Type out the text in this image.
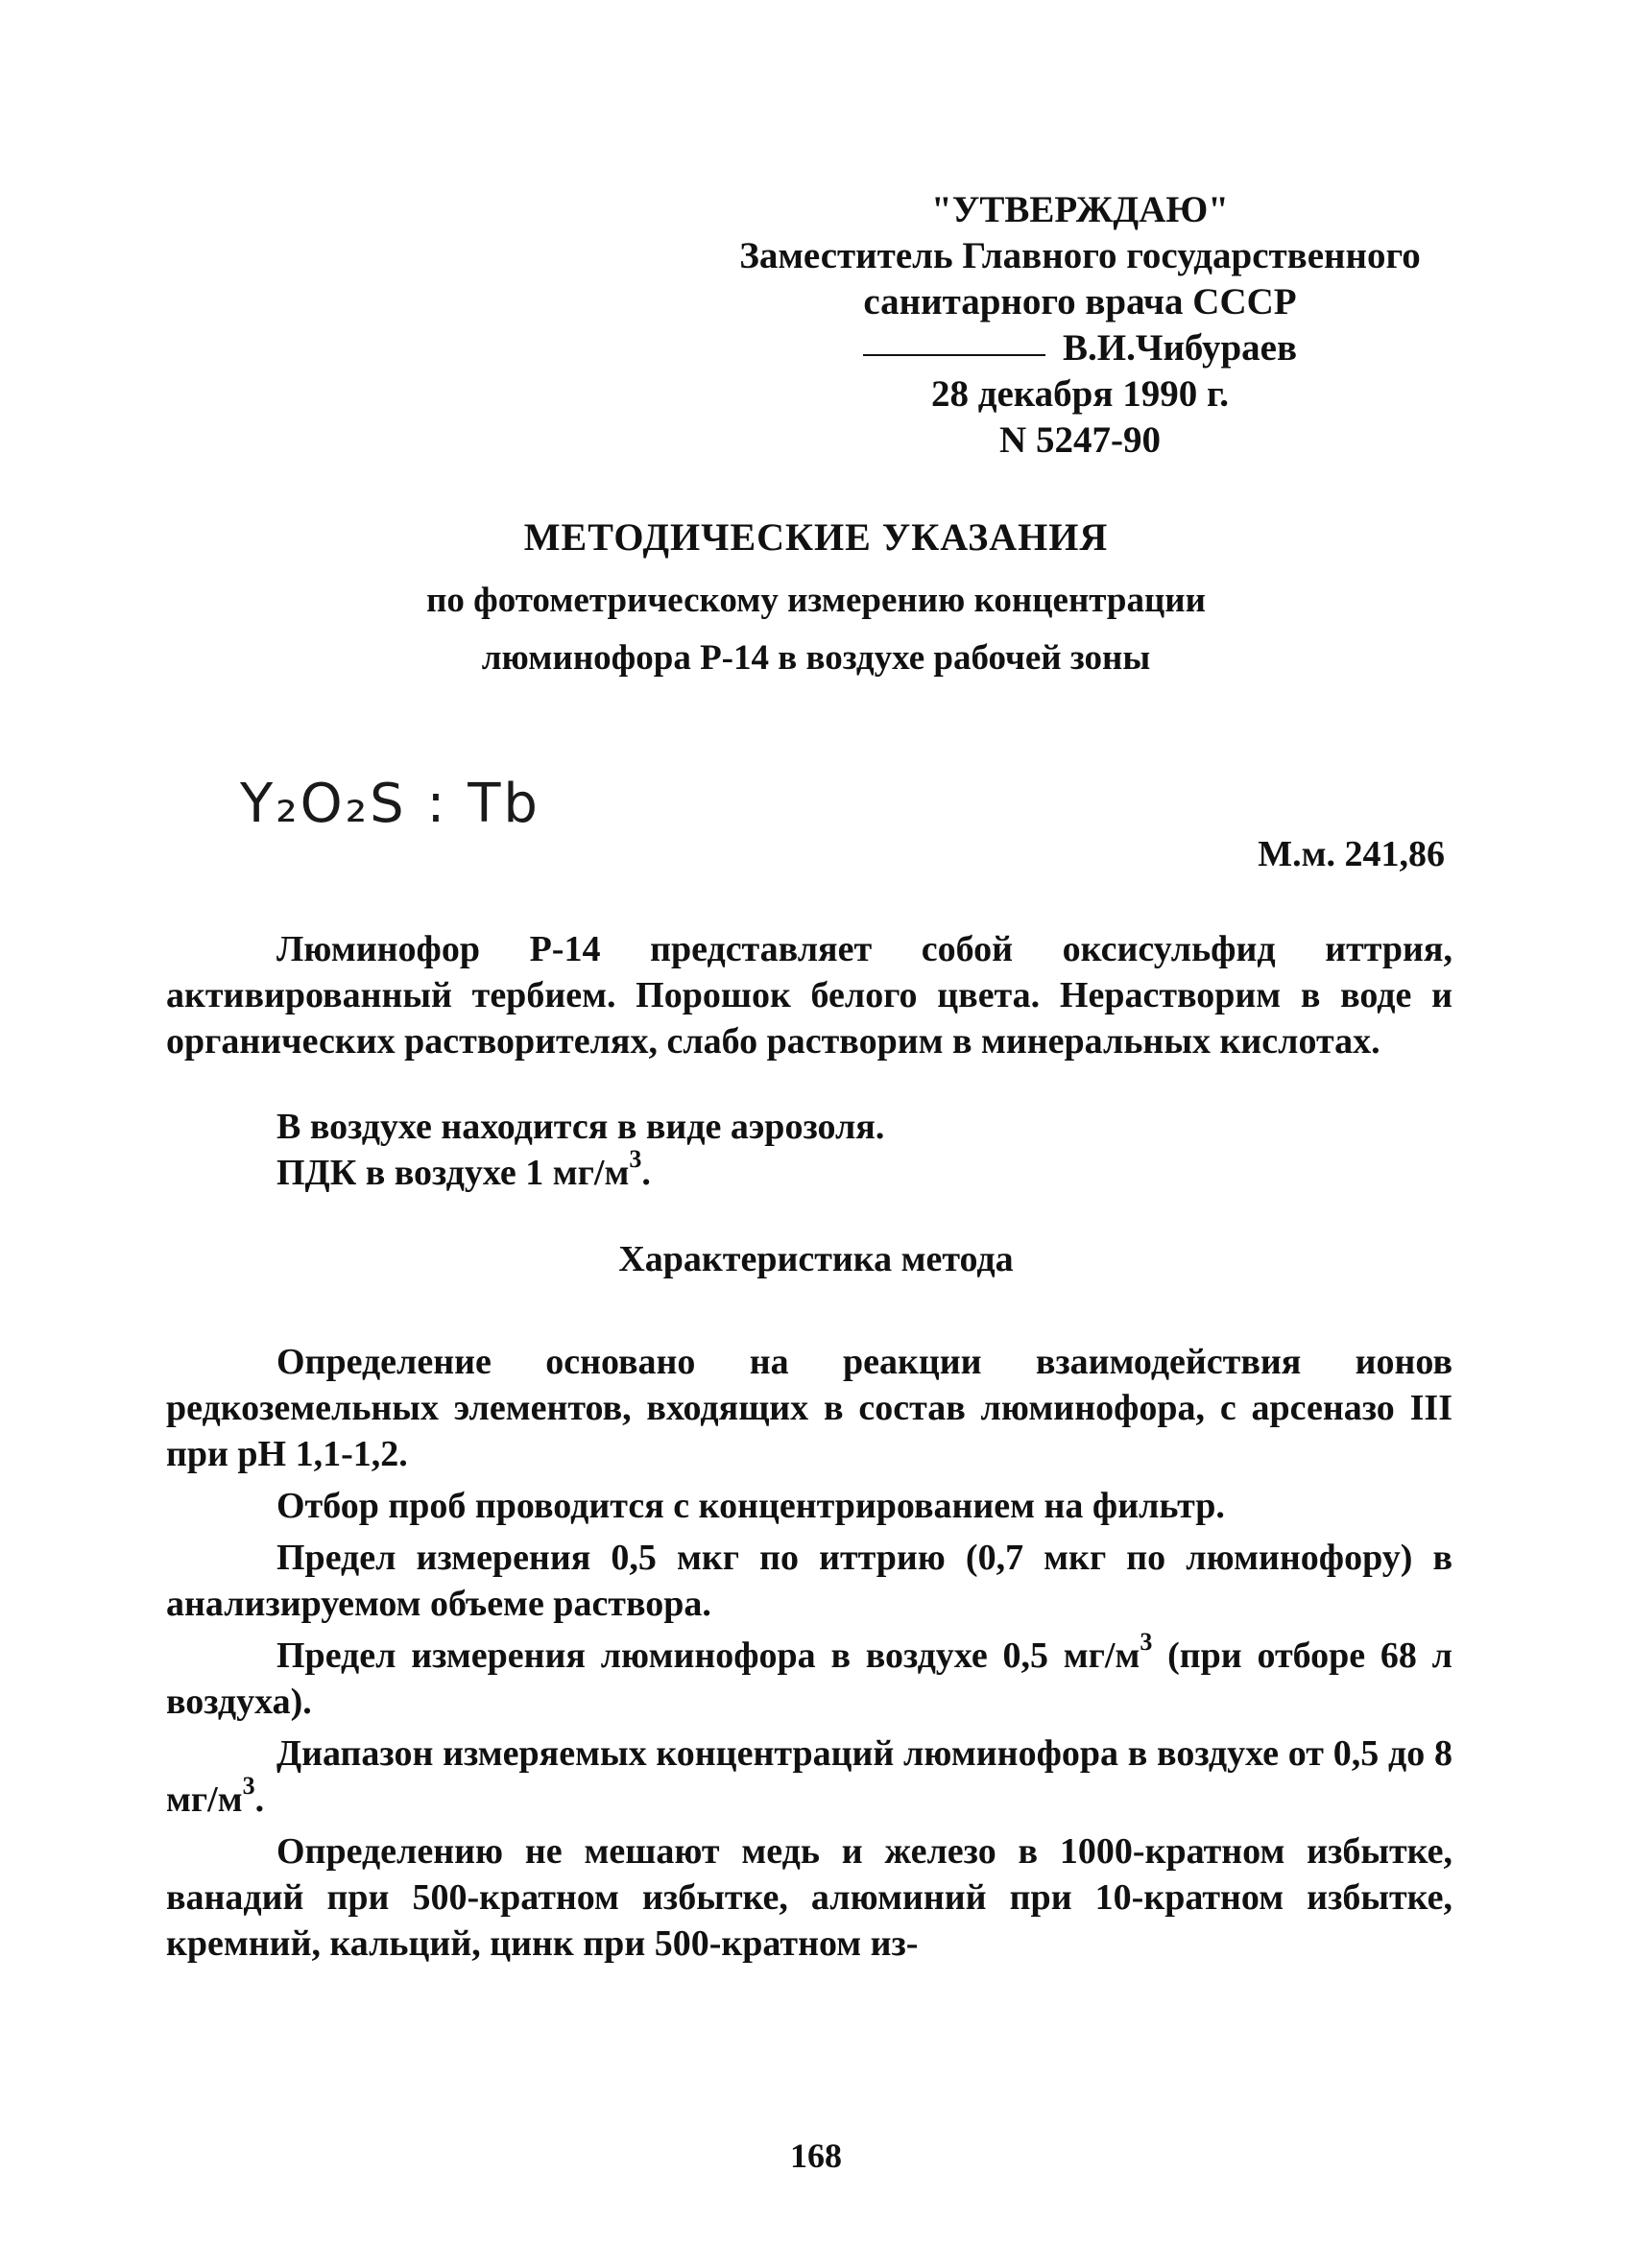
"УТВЕРЖДАЮ"
Заместитель Главного государственного
санитарного врача СССР
В.И.Чибураев
28 декабря 1990 г.
N 5247-90
МЕТОДИЧЕСКИЕ УКАЗАНИЯ
по фотометрическому измерению концентрации
люминофора Р-14 в воздухе рабочей зоны
Y₂O₂S : Tb
М.м. 241,86

Люминофор Р-14 представляет собой оксисульфид иттрия, активированный тербием. Порошок белого цвета. Нерастворим в воде и органических растворителях, слабо растворим в минеральных кислотах.

В воздухе находится в виде аэрозоля.

ПДК в воздухе 1 $мг/м^3$.

Характеристика метода

Определение основано на реакции взаимодействия ионов редкоземельных элементов, входящих в состав люминофора, с арсеназо III при pH 1,1-1,2.

Отбор проб проводится с концентрированием на фильтр.

Предел измерения 0,5 мкг по иттрию (0,7 мкг по люминофору) в анализируемом объеме раствора.

Предел измерения люминофора в воздухе 0,5 $мг/м^3$ (при отборе 68 л воздуха).

Диапазон измеряемых концентраций люминофора в воздухе от 0,5 до 8 $мг/м^3$.

Определению не мешают медь и железо в 1000-кратном избытке, ванадий при 500-кратном избытке, алюминий при 10-кратном избытке, кремний, кальций, цинк при 500-кратном из-

168
